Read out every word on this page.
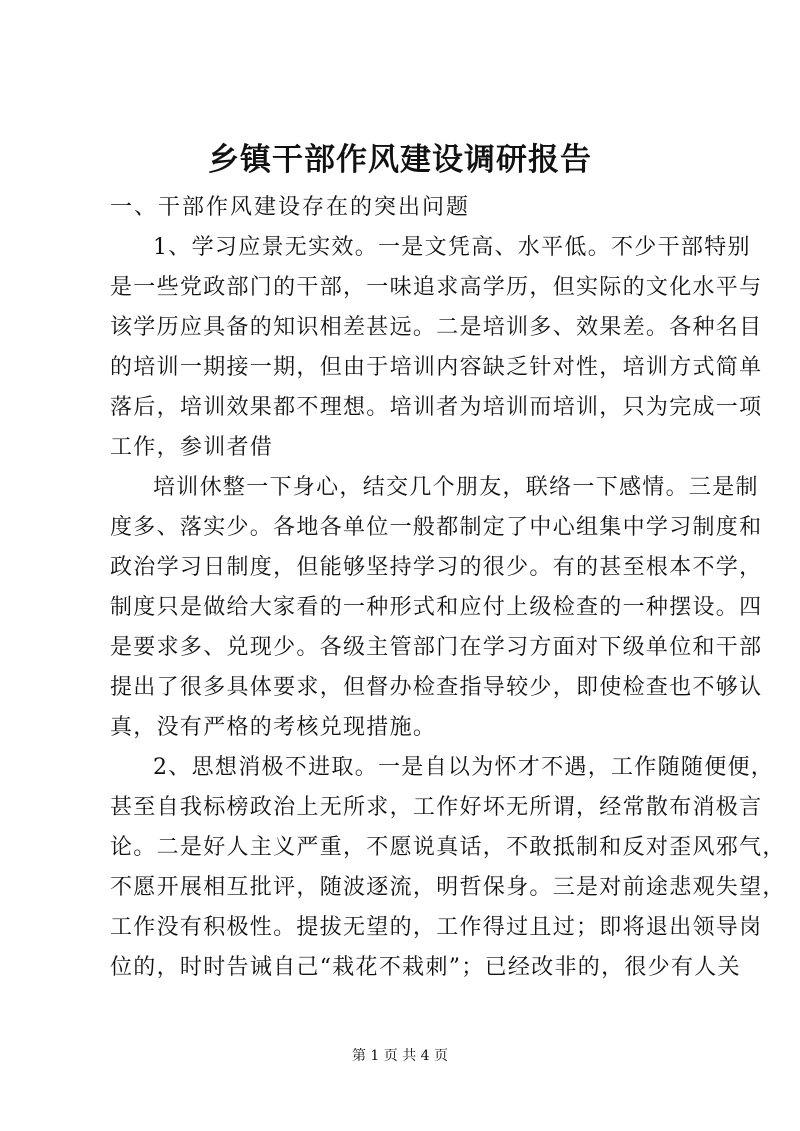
乡镇干部作风建设调研报告
一、干部作风建设存在的突出问题
1、学习应景无实效。一是文凭高、水平低。不少干部特别
是一些党政部门的干部，一味追求高学历，但实际的文化水平与
该学历应具备的知识相差甚远。二是培训多、效果差。各种名目
的培训一期接一期，但由于培训内容缺乏针对性，培训方式简单
落后，培训效果都不理想。培训者为培训而培训，只为完成一项
工作，参训者借
培训休整一下身心，结交几个朋友，联络一下感情。三是制
度多、落实少。各地各单位一般都制定了中心组集中学习制度和
政治学习日制度，但能够坚持学习的很少。有的甚至根本不学，
制度只是做给大家看的一种形式和应付上级检查的一种摆设。四
是要求多、兑现少。各级主管部门在学习方面对下级单位和干部
提出了很多具体要求，但督办检查指导较少，即使检查也不够认
真，没有严格的考核兑现措施。
2、思想消极不进取。一是自以为怀才不遇，工作随随便便，
甚至自我标榜政治上无所求，工作好坏无所谓，经常散布消极言
论。二是好人主义严重，不愿说真话，不敢抵制和反对歪风邪气，
不愿开展相互批评，随波逐流，明哲保身。三是对前途悲观失望，
工作没有积极性。提拔无望的，工作得过且过；即将退出领导岗
位的，时时告诫自己“栽花不栽刺”；已经改非的，很少有人关
第 1 页 共 4 页
